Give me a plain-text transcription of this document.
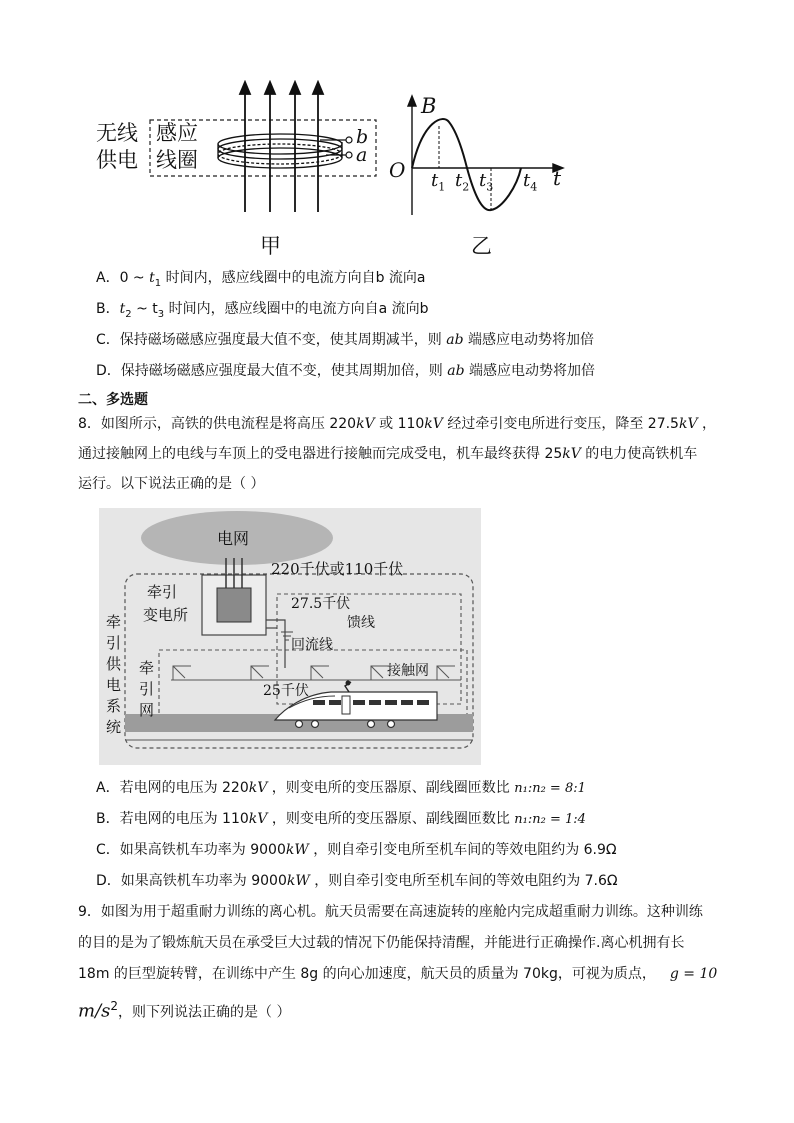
无线
供电
感应
线圈
b
a
甲
B
O	t
$t_1$ $t_2$ $t_3$ $t_4$
乙
A．0 ~ $t_1$ 时间内，感应线圈中的电流方向自b 流向a
B．$t_2$ ~ $t_3$ 时间内，感应线圈中的电流方向自a 流向b
C．保持磁场磁感应强度最大值不变，使其周期减半，则 ab 端感应电动势将加倍
D．保持磁场磁感应强度最大值不变，使其周期加倍，则 ab 端感应电动势将加倍
二、多选题
8．如图所示，高铁的供电流程是将高压 220kV 或 110kV 经过牵引变电所进行变压，降至 27.5kV ，
通过接触网上的电线与车顶上的受电器进行接触而完成受电，机车最终获得 25kV 的电力使高铁机车
运行。以下说法正确的是（ ）
电网
220千伏或110千伏
牵引
变电所
27.5千伏
馈线
回流线
接触网
25千伏
牵
引
供
电
系
统
牵
引
网
A．若电网的电压为 220kV ，则变电所的变压器原、副线圈匝数比 n₁:n₂ = 8:1
B．若电网的电压为 110kV ，则变电所的变压器原、副线圈匝数比 n₁:n₂ = 1:4
C．如果高铁机车功率为 9000kW ，则自牵引变电所至机车间的等效电阻约为 6.9Ω
D．如果高铁机车功率为 9000kW ，则自牵引变电所至机车间的等效电阻约为 7.6Ω
9．如图为用于超重耐力训练的离心机。航天员需要在高速旋转的座舱内完成超重耐力训练。这种训练
的目的是为了锻炼航天员在承受巨大过载的情况下仍能保持清醒，并能进行正确操作.离心机拥有长
18m 的巨型旋转臂，在训练中产生 8g 的向心加速度，航天员的质量为 70kg，可视为质点， g = 10
$m/s^2$，则下列说法正确的是（ ）
